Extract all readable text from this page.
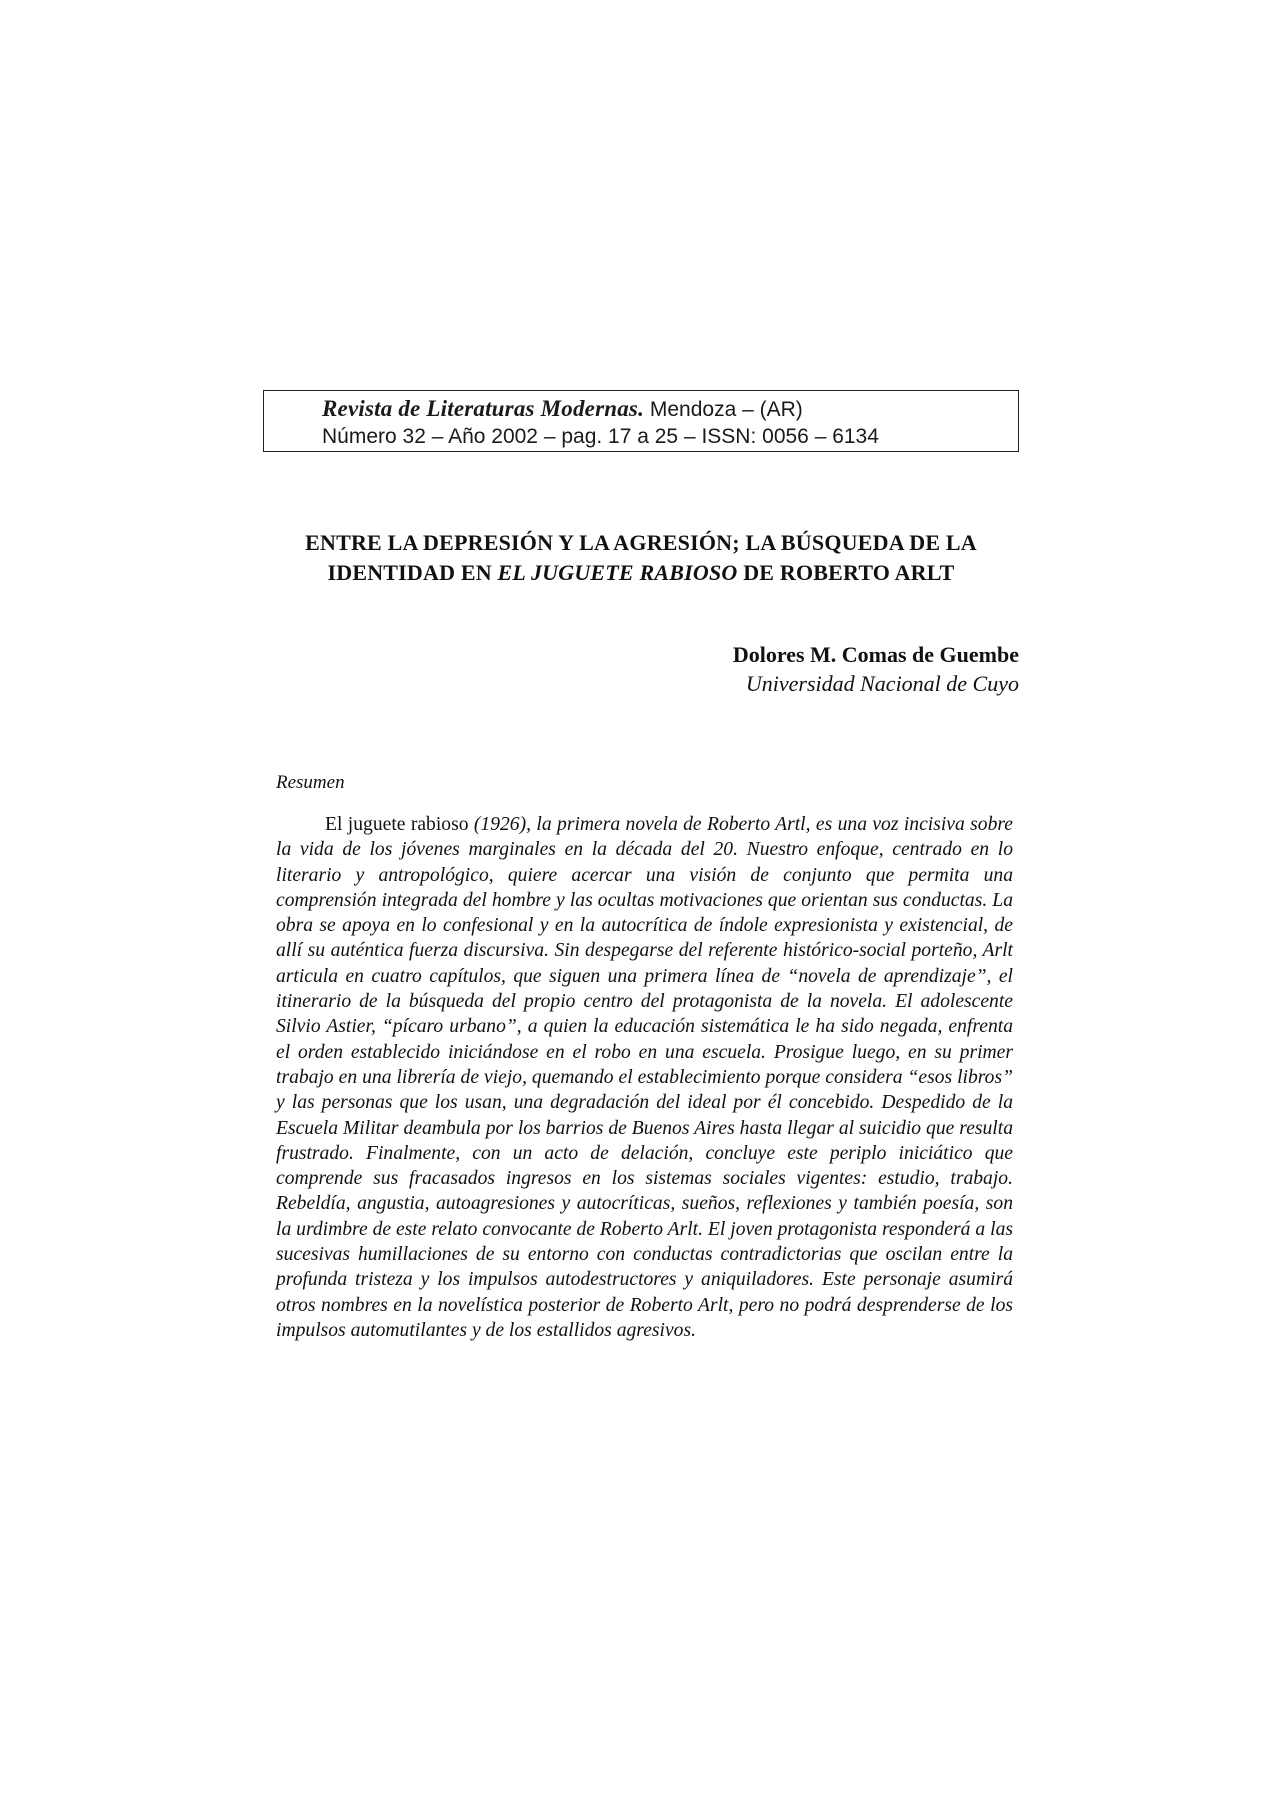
Revista de Literaturas Modernas. Mendoza – (AR)
Número 32 – Año 2002 – pag. 17 a 25 – ISSN: 0056 – 6134
ENTRE LA DEPRESIÓN Y LA AGRESIÓN; LA BÚSQUEDA DE LA IDENTIDAD EN EL JUGUETE RABIOSO DE ROBERTO ARLT
Dolores M. Comas de Guembe
Universidad Nacional de Cuyo
Resumen

El juguete rabioso (1926), la primera novela de Roberto Artl, es una voz incisiva sobre la vida de los jóvenes marginales en la década del 20. Nuestro enfoque, centrado en lo literario y antropológico, quiere acercar una visión de conjunto que permita una comprensión integrada del hombre y las ocultas motivaciones que orientan sus conductas. La obra se apoya en lo confesional y en la autocrítica de índole expresionista y existencial, de allí su auténtica fuerza discursiva. Sin despegarse del referente histórico-social porteño, Arlt articula en cuatro capítulos, que siguen una primera línea de “novela de aprendizaje”, el itinerario de la búsqueda del propio centro del protagonista de la novela. El adolescente Silvio Astier, “pícaro urbano”, a quien la educación sistemática le ha sido negada, enfrenta el orden establecido iniciándose en el robo en una escuela. Prosigue luego, en su primer trabajo en una librería de viejo, quemando el establecimiento porque considera “esos libros” y las personas que los usan, una degradación del ideal por él concebido. Despedido de la Escuela Militar deambula por los barrios de Buenos Aires hasta llegar al suicidio que resulta frustrado. Finalmente, con un acto de delación, concluye este periplo iniciático que comprende sus fracasados ingresos en los sistemas sociales vigentes: estudio, trabajo. Rebeldía, angustia, autoagresiones y autocríticas, sueños, reflexiones y también poesía, son la urdimbre de este relato convocante de Roberto Arlt. El joven protagonista responderá a las sucesivas humillaciones de su entorno con conductas contradictorias que oscilan entre la profunda tristeza y los impulsos autodestructores y aniquiladores. Este personaje asumirá otros nombres en la novelística posterior de Roberto Arlt, pero no podrá desprenderse de los impulsos automutilantes y de los estallidos agresivos.
